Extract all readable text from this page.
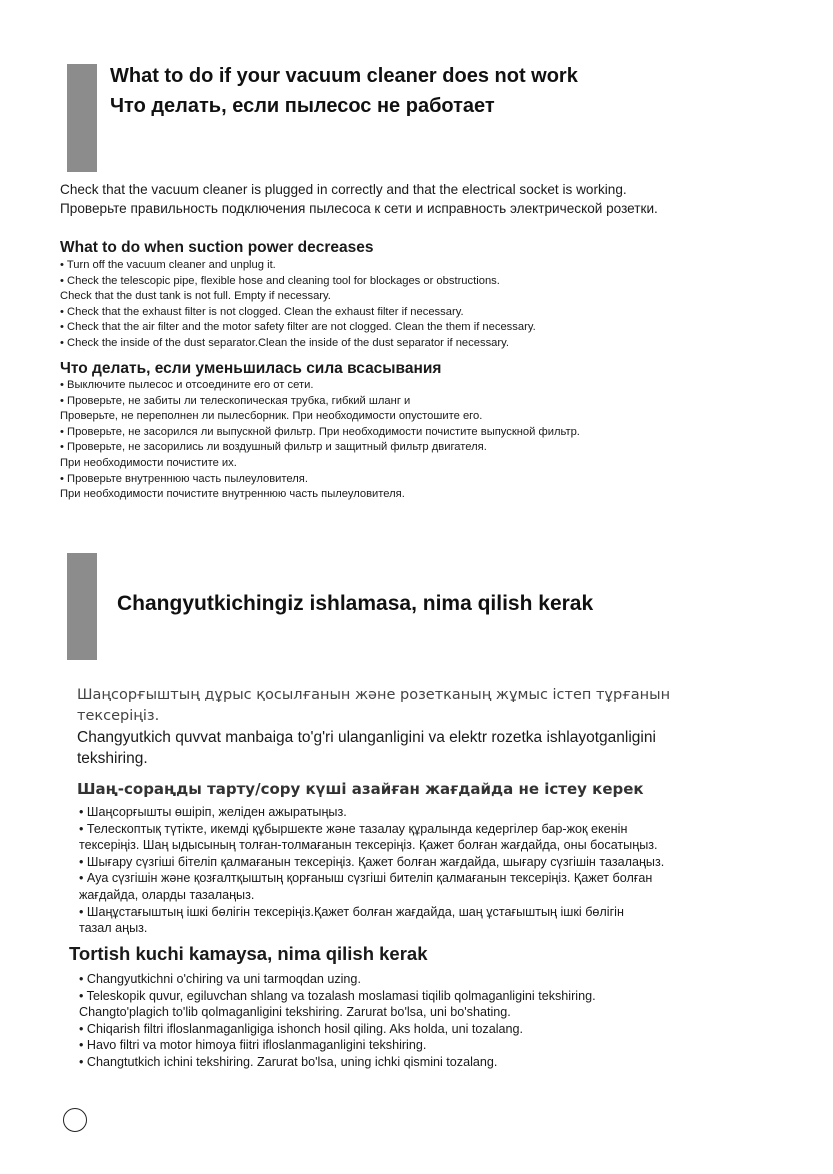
What to do if your vacuum cleaner does not work
Что делать, если пылесос не работает

Check that the vacuum cleaner is plugged in correctly and that the electrical socket is working.

Проверьте правильность подключения пылесоса к сети и исправность электрической розетки.

What to do when suction power decreases
• Turn off the vacuum cleaner and unplug it.
• Check the telescopic pipe, flexible hose and cleaning tool for blockages or obstructions.
Check that the dust tank is not full. Empty if necessary.
• Check that the exhaust filter is not clogged. Clean the exhaust filter if necessary.
• Check that the air filter and the motor safety filter are not clogged. Clean the them if necessary.
• Check the inside of the dust separator.Clean the inside of the dust separator if necessary.
Что делать, если уменьшилась сила всасывания
• Выключите пылесос и отсоедините его от сети.
• Проверьте, не забиты ли телескопическая трубка, гибкий шланг и
Проверьте, не переполнен ли пылесборник. При необходимости опустошите его.
• Проверьте, не засорился ли выпускной фильтр. При необходимости почистите выпускной фильтр.
• Проверьте, не засорились ли воздушный фильтр и защитный фильтр двигателя.
При необходимости почистите их.
• Проверьте внутреннюю часть пылеуловителя.
При необходимости почистите внутреннюю часть пылеуловителя.
Changyutkichingiz ishlamasa, nima qilish kerak

Шаңсорғыштың дұрыс қосылғанын және розетканың жұмыс істеп тұрғанын

тексеріңіз.

Changyutkich quvvat manbaiga to'g'ri ulanganligini va elektr rozetka ishlayotganligini

tekshiring.

Шаң-сораңды тарту/сору күші азайған жағдайда не істеу керек
• Шаңсорғышты өшіріп, желіден ажыратыңыз.
• Телескоптық түтікте, икемді құбыршекте және тазалау құралында кедергілер бар-жоқ екенін
тексеріңіз. Шаң ыдысының толған-толмағанын тексеріңіз. Қажет болған жағдайда, оны босатыңыз.
• Шығару сүзгіші бітеліп қалмағанын тексеріңіз. Қажет болған жағдайда, шығару сүзгішін тазалаңыз.
• Ауа сүзгішін және қозғалтқыштың қорғаныш сүзгіші бителіп қалмағанын тексеріңіз. Қажет болған
жағдайда, оларды тазалаңыз.
• Шаңұстағыштың ішкі бөлігін тексеріңіз.Қажет болған жағдайда, шаң ұстағыштың ішкі бөлігін
тазал аңыз.
Tortish kuchi kamaysa, nima qilish kerak
• Changyutkichni o'chiring va uni tarmoqdan uzing.
• Teleskopik quvur, egiluvchan shlang va tozalash moslamasi tiqilib qolmaganligini tekshiring.
Changto'plagich to'lib qolmaganligini tekshiring. Zarurat bo'lsa, uni bo'shating.
• Chiqarish filtri ifloslanmaganligiga ishonch hosil qiling. Aks holda, uni tozalang.
• Havo filtri va motor himoya fiitri ifloslanmaganligini tekshiring.
• Changtutkich ichini tekshiring. Zarurat bo'lsa, uning ichki qismini tozalang.
